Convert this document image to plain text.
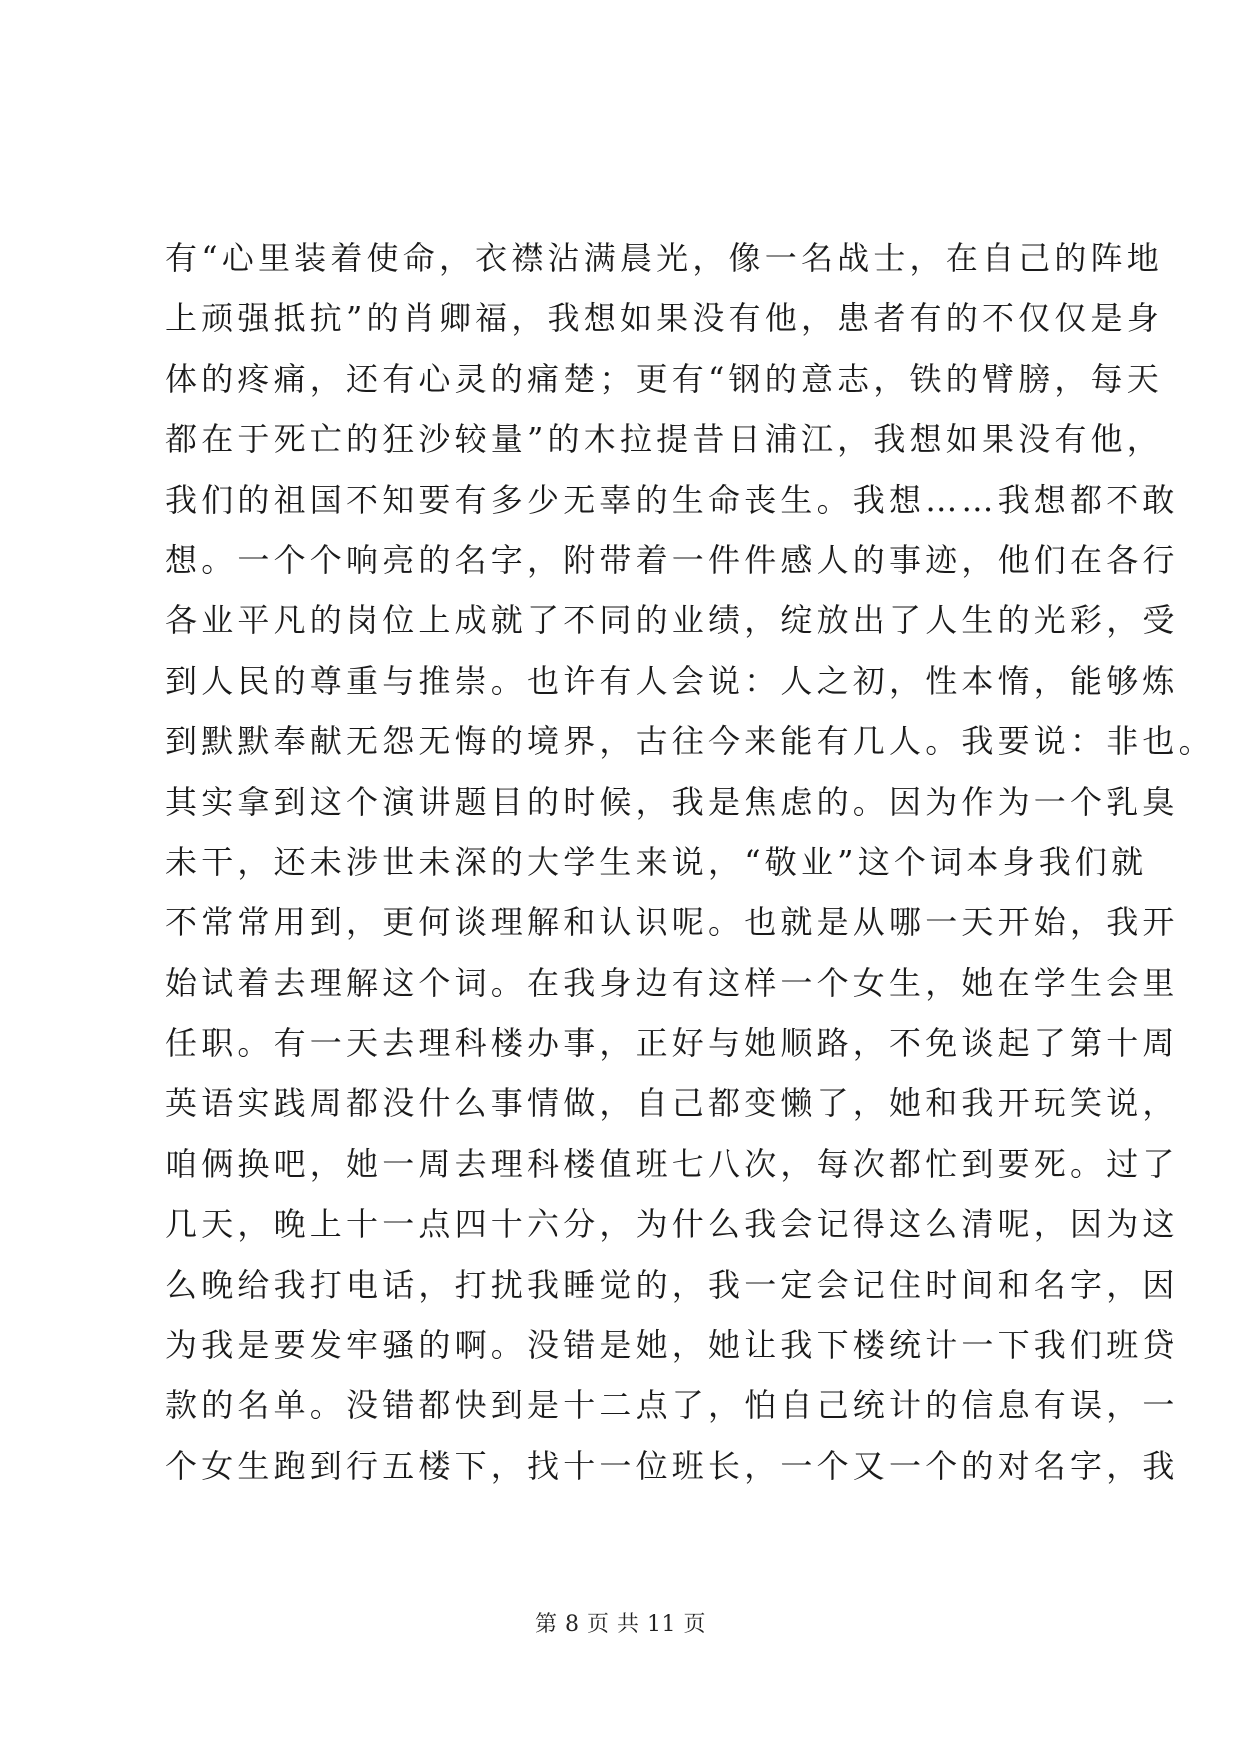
有“心里装着使命，衣襟沾满晨光，像一名战士，在自己的阵地
上顽强抵抗”的肖卿福，我想如果没有他，患者有的不仅仅是身
体的疼痛，还有心灵的痛楚；更有“钢的意志，铁的臂膀，每天
都在于死亡的狂沙较量”的木拉提昔日浦江，我想如果没有他，
我们的祖国不知要有多少无辜的生命丧生。我想……我想都不敢
想。一个个响亮的名字，附带着一件件感人的事迹，他们在各行
各业平凡的岗位上成就了不同的业绩，绽放出了人生的光彩，受
到人民的尊重与推崇。也许有人会说：人之初，性本惰，能够炼
到默默奉献无怨无悔的境界，古往今来能有几人。我要说：非也。
其实拿到这个演讲题目的时候，我是焦虑的。因为作为一个乳臭
未干，还未涉世未深的大学生来说，“敬业”这个词本身我们就
不常常用到，更何谈理解和认识呢。也就是从哪一天开始，我开
始试着去理解这个词。在我身边有这样一个女生，她在学生会里
任职。有一天去理科楼办事，正好与她顺路，不免谈起了第十周
英语实践周都没什么事情做，自己都变懒了，她和我开玩笑说，
咱俩换吧，她一周去理科楼值班七八次，每次都忙到要死。过了
几天，晚上十一点四十六分，为什么我会记得这么清呢，因为这
么晚给我打电话，打扰我睡觉的，我一定会记住时间和名字，因
为我是要发牢骚的啊。没错是她，她让我下楼统计一下我们班贷
款的名单。没错都快到是十二点了，怕自己统计的信息有误，一
个女生跑到行五楼下，找十一位班长，一个又一个的对名字，我
第 8 页 共 11 页
